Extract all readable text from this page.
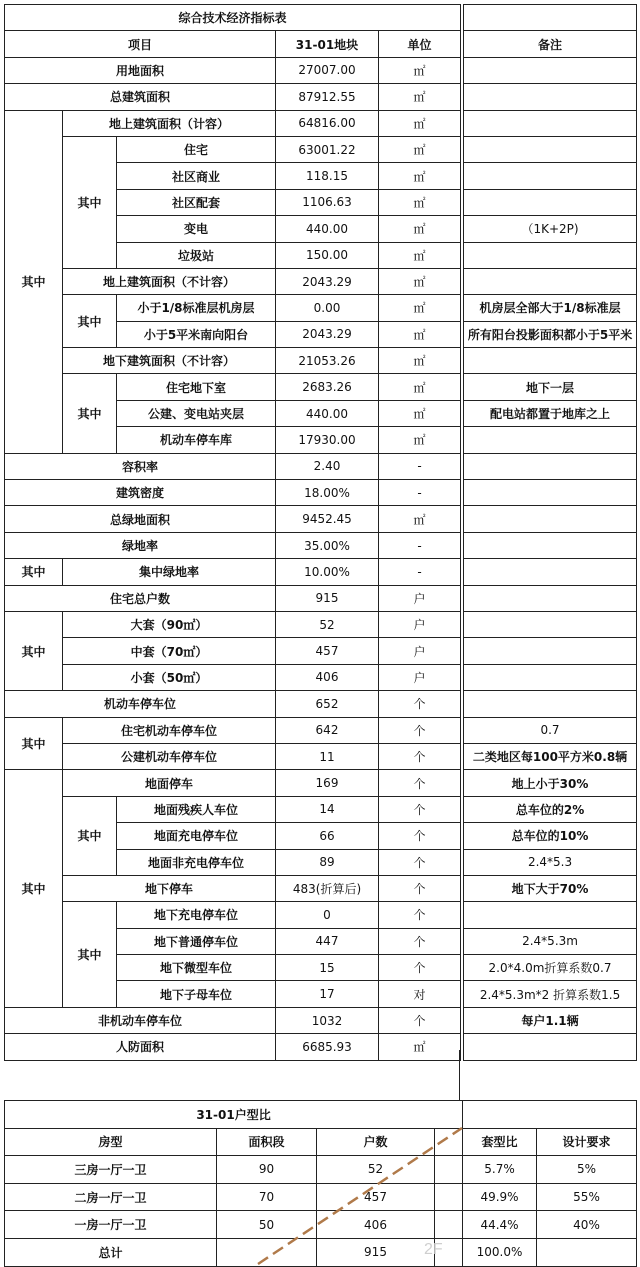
综合技术经济指标表						
项目			31-01地块	单位		备注
用地面积			27007.00	㎡		
总建筑面积			87912.55	㎡		
其中	地上建筑面积（计容）		64816.00	㎡		
	其中	住宅	63001.22	㎡		
		社区商业	118.15	㎡		
		社区配套	1106.63	㎡		
		变电	440.00	㎡		（1K+2P)
		垃圾站	150.00	㎡		
	地上建筑面积（不计容）		2043.29	㎡		
	其中	小于1/8标准层机房层	0.00	㎡		机房层全部大于1/8标准层
		小于5平米南向阳台	2043.29	㎡		所有阳台投影面积都小于5平米
	地下建筑面积（不计容）		21053.26	㎡		
	其中	住宅地下室	2683.26	㎡		地下一层
		公建、变电站夹层	440.00	㎡		配电站都置于地库之上
		机动车停车库	17930.00	㎡		
容积率			2.40	-		
建筑密度			18.00%	-		
总绿地面积			9452.45	㎡		
绿地率			35.00%	-		
其中	集中绿地率		10.00%	-		
住宅总户数			915	户		
其中	大套（90㎡）		52	户		
	中套（70㎡）		457	户		
	小套（50㎡）		406	户		
机动车停车位			652	个		
其中	住宅机动车停车位		642	个		0.7
	公建机动车停车位		11	个		二类地区每100平方米0.8辆
其中	地面停车		169	个		地上小于30%
	其中	地面残疾人车位	14	个		总车位的2%
		地面充电停车位	66	个		总车位的10%
		地面非充电停车位	89	个		2.4*5.3
	地下停车		483(折算后)	个		地下大于70%
	其中	地下充电停车位	0	个		
		地下普通停车位	447	个		2.4*5.3m
		地下微型车位	15	个		2.0*4.0m折算系数0.7
		地下子母车位	17	对		2.4*5.3m*2 折算系数1.5
非机动车停车位			1032	个		每户1.1辆
人防面积			6685.93	㎡		
31-01户型比					
房型	面积段	户数		套型比	设计要求
三房一厅一卫	90	52		5.7%	5%
二房一厅一卫	70	457		49.9%	55%
一房一厅一卫	50	406		44.4%	40%
总计		915		100.0%	
2F
